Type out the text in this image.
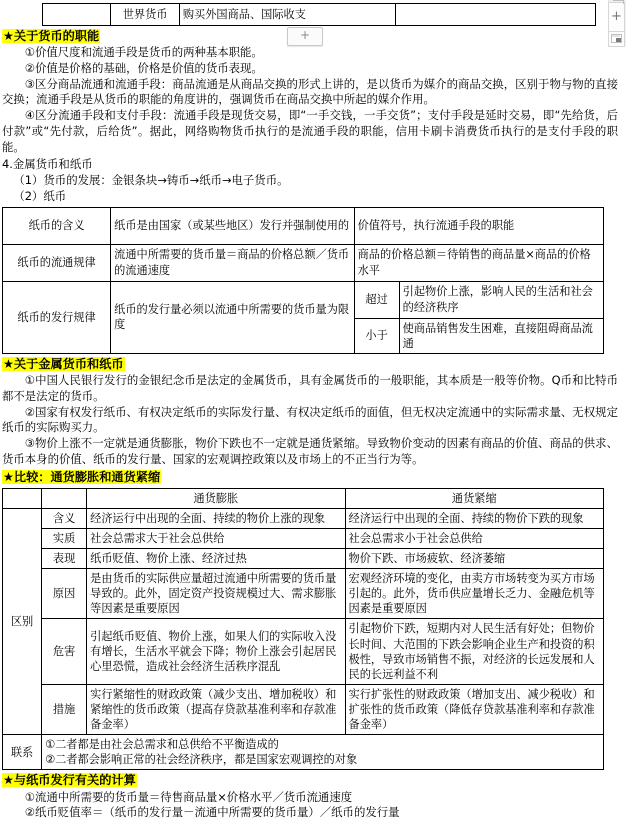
+
+
	世界货币	购买外国商品、国际收支	
★关于货币的职能

①价值尺度和流通手段是货币的两种基本职能。

②价值是价格的基础，价格是价值的货币表现。

③区分商品流通和流通手段：商品流通是从商品交换的形式上讲的，是以货币为媒介的商品交换，区别于物与物的直接交换；流通手段是从货币的职能的角度讲的，强调货币在商品交换中所起的媒介作用。

④区分流通手段和支付手段：流通手段是现货交易，即“一手交钱，一手交货”；支付手段是延时交易，即“先给货，后付款”或“先付款，后给货”。据此，网络购物货币执行的是流通手段的职能，信用卡刷卡消费货币执行的是支付手段的职能。

4.金属货币和纸币

（1）货币的发展：金银条块→铸币→纸币→电子货币。

（2）纸币

纸币的含义	纸币是由国家（或某些地区）发行并强制使用的	价值符号，执行流通手段的职能	
纸币的流通规律	流通中所需要的货币量＝商品的价格总额／货币的流通速度	商品的价格总额＝待销售的商品量×商品的价格水平	
纸币的发行规律	纸币的发行量必须以流通中所需要的货币量为限度	超过	引起物价上涨，影响人民的生活和社会的经济秩序
		小于	使商品销售发生困难，直接阻碍商品流通
★关于金属货币和纸币

①中国人民银行发行的金银纪念币是法定的金属货币，具有金属货币的一般职能，其本质是一般等价物。Q币和比特币都不是法定的货币。

②国家有权发行纸币、有权决定纸币的实际发行量、有权决定纸币的面值，但无权决定流通中的实际需求量、无权规定纸币的实际购买力。

③物价上涨不一定就是通货膨胀，物价下跌也不一定就是通货紧缩。导致物价变动的因素有商品的价值、商品的供求、货币本身的价值、纸币的发行量、国家的宏观调控政策以及市场上的不正当行为等。

★比较：通货膨胀和通货紧缩
		通货膨胀	通货紧缩
区别	含义	经济运行中出现的全面、持续的物价上涨的现象	经济运行中出现的全面、持续的物价下跌的现象
	实质	社会总需求大于社会总供给	社会总需求小于社会总供给
	表现	纸币贬值、物价上涨、经济过热	物价下跌、市场疲软、经济萎缩
	原因	是由货币的实际供应量超过流通中所需要的货币量导致的。此外，固定资产投资规模过大、需求膨胀等因素是重要原因	宏观经济环境的变化，由卖方市场转变为买方市场引起的。此外，货币供应量增长乏力、金融危机等因素是重要原因
	危害	引起纸币贬值、物价上涨，如果人们的实际收入没有增长，生活水平就会下降；物价上涨会引起居民心里恐慌，造成社会经济生活秩序混乱	引起物价下跌，短期内对人民生活有好处；但物价长时间、大范围的下跌会影响企业生产和投资的积极性，导致市场销售不振，对经济的长远发展和人民的长远利益不利
	措施	实行紧缩性的财政政策（减少支出、增加税收）和紧缩性的货币政策（提高存贷款基准利率和存款准备金率）	实行扩张性的财政政策（增加支出、减少税收）和扩张性的货币政策（降低存贷款基准利率和存款准备金率）
联系	①二者都是由社会总需求和总供给不平衡造成的
②二者都会影响正常的社会经济秩序，都是国家宏观调控的对象		
★与纸币发行有关的计算

①流通中所需要的货币量＝待售商品量×价格水平／货币流通速度

②纸币贬值率＝（纸币的发行量－流通中所需要的货币量）／纸币的发行量
